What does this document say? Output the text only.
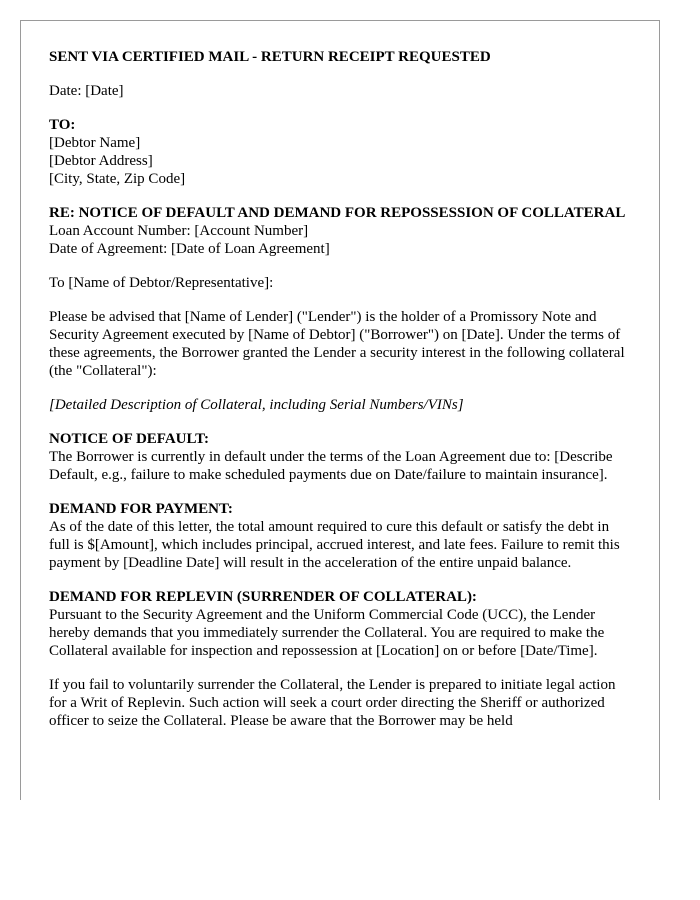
SENT VIA CERTIFIED MAIL - RETURN RECEIPT REQUESTED

Date: [Date]

TO:
[Debtor Name]
[Debtor Address]
[City, State, Zip Code]
RE: NOTICE OF DEFAULT AND DEMAND FOR REPOSSESSION OF COLLATERAL
Loan Account Number: [Account Number]
Date of Agreement: [Date of Loan Agreement]

To [Name of Debtor/Representative]:

Please be advised that [Name of Lender] ("Lender") is the holder of a Promissory Note and Security Agreement executed by [Name of Debtor] ("Borrower") on [Date]. Under the terms of these agreements, the Borrower granted the Lender a security interest in the following collateral (the "Collateral"):

[Detailed Description of Collateral, including Serial Numbers/VINs]

NOTICE OF DEFAULT:
The Borrower is currently in default under the terms of the Loan Agreement due to: [Describe Default, e.g., failure to make scheduled payments due on Date/failure to maintain insurance].
DEMAND FOR PAYMENT:
As of the date of this letter, the total amount required to cure this default or satisfy the debt in full is $[Amount], which includes principal, accrued interest, and late fees. Failure to remit this payment by [Deadline Date] will result in the acceleration of the entire unpaid balance.
DEMAND FOR REPLEVIN (SURRENDER OF COLLATERAL):
Pursuant to the Security Agreement and the Uniform Commercial Code (UCC), the Lender hereby demands that you immediately surrender the Collateral. You are required to make the Collateral available for inspection and repossession at [Location] on or before [Date/Time].

If you fail to voluntarily surrender the Collateral, the Lender is prepared to initiate legal action for a Writ of Replevin. Such action will seek a court order directing the Sheriff or authorized officer to seize the Collateral. Please be aware that the Borrower may be held
